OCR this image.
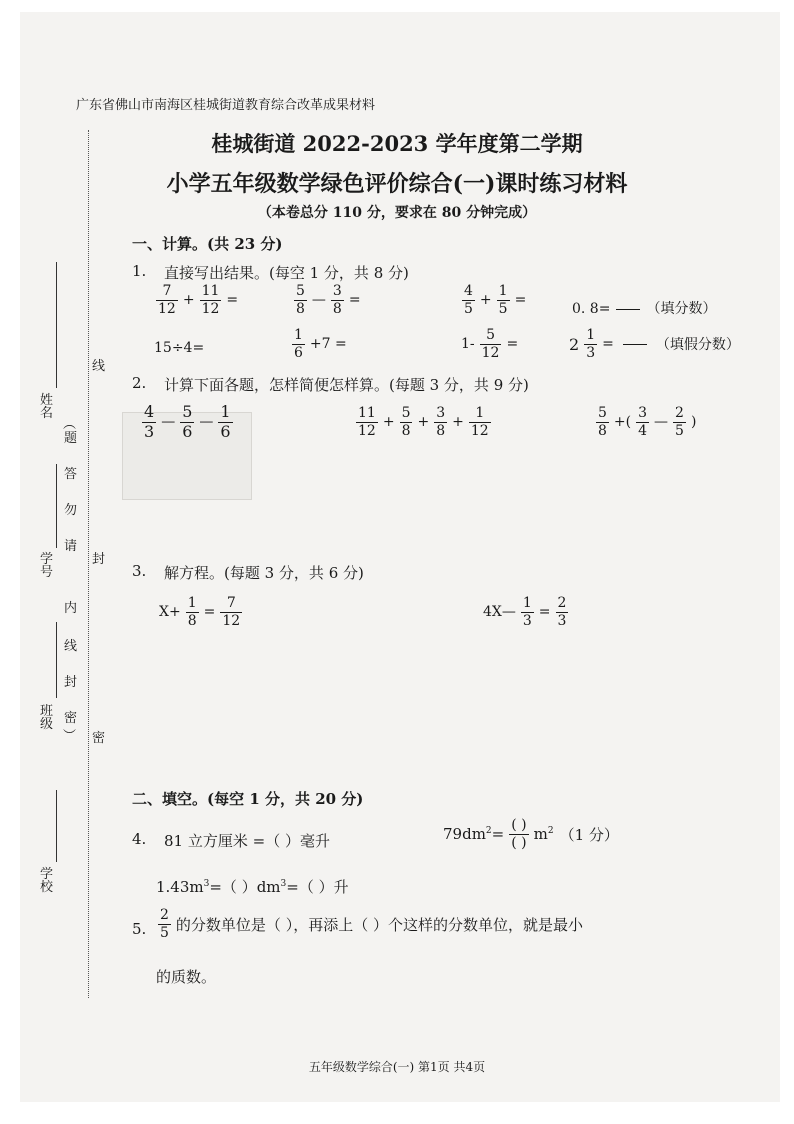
广东省佛山市南海区桂城街道教育综合改革成果材料
桂城街道 2022-2023 学年度第二学期
小学五年级数学绿色评价综合(一)课时练习材料
（本卷总分 110 分，要求在 80 分钟完成）
姓名
线
学号
封
班级
密
学校
︵
题
答
勿
请
内
线
封
密
︶
一、计算。(共 23 分)
1. 直接写出结果。(每空 1 分，共 8 分)
$\frac{7}{12} + \frac{11}{12}$ =	$\frac{5}{8}$ — $\frac{3}{8}$ =	$\frac{4}{5} + \frac{1}{5}$ =
0. 8=	（填分数）
15÷4=	$\frac{1}{6} +7$ =	$1- \frac{5}{12}$ =	$2 \frac{1}{3}$ =	（填假分数）
2. 计算下面各题，怎样简便怎样算。(每题 3 分，共 9 分)
$\frac{4}{3}$ — $\frac{5}{6}$ — $\frac{1}{6}$	$\frac{11}{12} + \frac{5}{8} + \frac{3}{8} + \frac{1}{12}$	$\frac{5}{8}$ +( $\frac{3}{4}$ — $\frac{2}{5}$ )
3. 解方程。(每题 3 分，共 6 分)
$X+ \frac{1}{8} = \frac{7}{12}$	4X— $\frac{1}{3} = \frac{2}{3}$
二、填空。(每空 1 分，共 20 分)
4. 81 立方厘米 =（ ）毫升	$79dm^2= \frac{( )}{( )} m^2$ （1 分）
$1.43m^3=$（ ）$dm^3=$（ ）升
5. $\frac{2}{5}$ 的分数单位是（ ），再添上（ ）个这样的分数单位，就是最小
的质数。
五年级数学综合(一) 第1页 共4页
